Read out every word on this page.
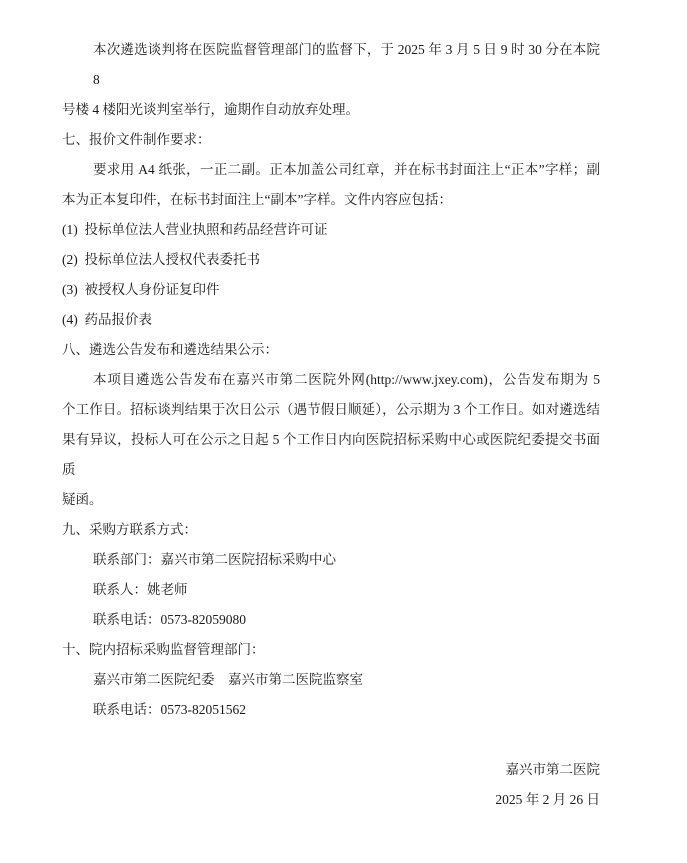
本次遴选谈判将在医院监督管理部门的监督下，于 2025 年 3 月 5 日 9 时 30 分在本院 8
号楼 4 楼阳光谈判室举行，逾期作自动放弃处理。
七、报价文件制作要求：
要求用 A4 纸张，一正二副。正本加盖公司红章，并在标书封面注上“正本”字样；副
本为正本复印件，在标书封面注上“副本”字样。文件内容应包括：
(1)  投标单位法人营业执照和药品经营许可证
(2)  投标单位法人授权代表委托书
(3)  被授权人身份证复印件
(4)  药品报价表
八、遴选公告发布和遴选结果公示：
本项目遴选公告发布在嘉兴市第二医院外网(http://www.jxey.com)，公告发布期为 5
个工作日。招标谈判结果于次日公示（遇节假日顺延），公示期为 3 个工作日。如对遴选结
果有异议，投标人可在公示之日起 5 个工作日内向医院招标采购中心或医院纪委提交书面质
疑函。
九、采购方联系方式：
联系部门：嘉兴市第二医院招标采购中心
联系人：姚老师
联系电话：0573-82059080
十、院内招标采购监督管理部门：
嘉兴市第二医院纪委　嘉兴市第二医院监察室
联系电话：0573-82051562
嘉兴市第二医院
2025 年 2 月 26 日
